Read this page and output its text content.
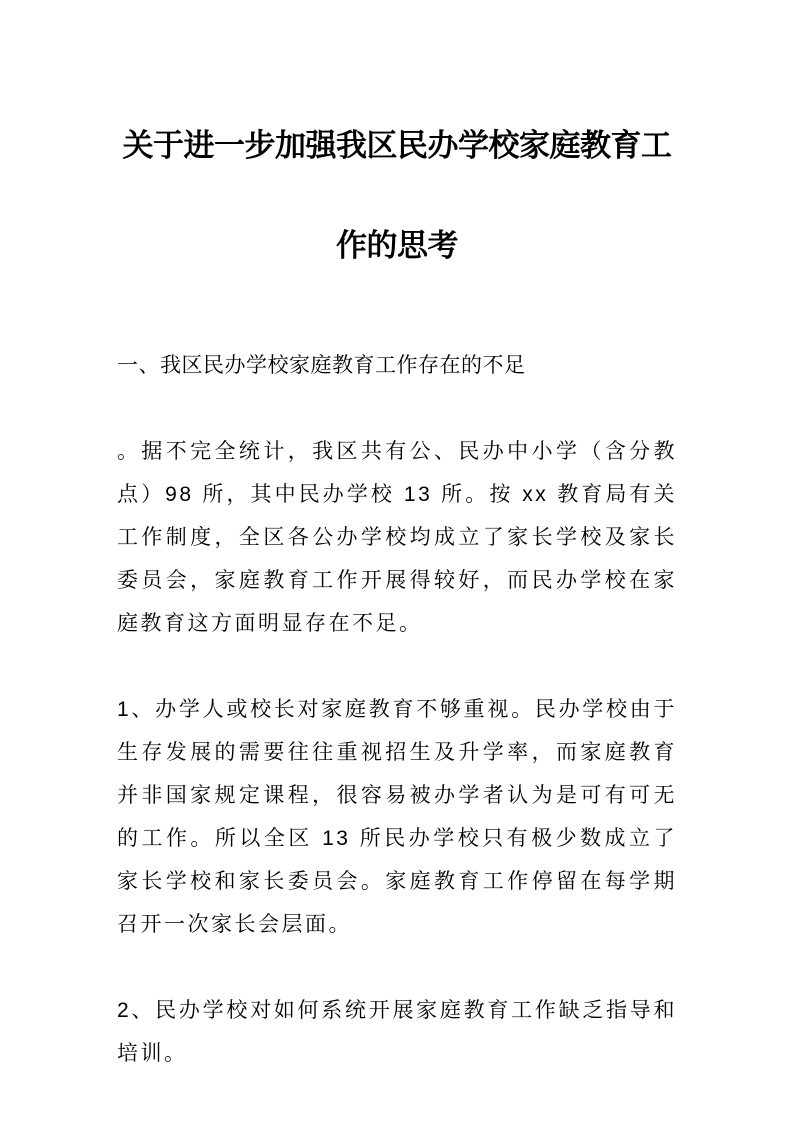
关于进一步加强我区民办学校家庭教育工
作的思考
一、我区民办学校家庭教育工作存在的不足

。据不完全统计，我区共有公、民办中小学（含分教点）98 所，其中民办学校 13 所。按 xx 教育局有关工作制度，全区各公办学校均成立了家长学校及家长委员会，家庭教育工作开展得较好，而民办学校在家庭教育这方面明显存在不足。

1、办学人或校长对家庭教育不够重视。民办学校由于生存发展的需要往往重视招生及升学率，而家庭教育并非国家规定课程，很容易被办学者认为是可有可无的工作。所以全区 13 所民办学校只有极少数成立了家长学校和家长委员会。家庭教育工作停留在每学期召开一次家长会层面。

2、民办学校对如何系统开展家庭教育工作缺乏指导和培训。
